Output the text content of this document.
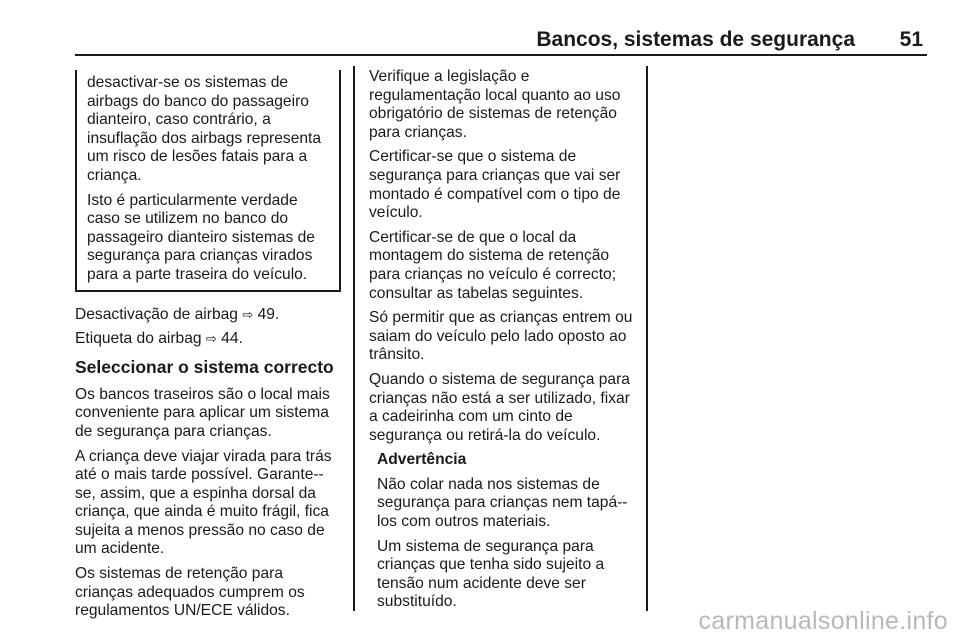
Bancos, sistemas de segurança 51

desactivar-se os sistemas de airbags do banco do passageiro dianteiro, caso contrário, a insuflação dos airbags representa um risco de lesões fatais para a criança.

Isto é particularmente verdade caso se utilizem no banco do passageiro dianteiro sistemas de segurança para crianças virados para a parte traseira do veículo.

Desactivação de airbag ⇨ 49.

Etiqueta do airbag ⇨ 44.

Seleccionar o sistema correcto

Os bancos traseiros são o local mais conveniente para aplicar um sistema de segurança para crianças.

A criança deve viajar virada para trás até o mais tarde possível. Garante--se, assim, que a espinha dorsal da criança, que ainda é muito frágil, fica sujeita a menos pressão no caso de um acidente.

Os sistemas de retenção para crianças adequados cumprem os regulamentos UN/ECE válidos.

Verifique a legislação e regulamentação local quanto ao uso obrigatório de sistemas de retenção para crianças.

Certificar-se que o sistema de segurança para crianças que vai ser montado é compatível com o tipo de veículo.

Certificar-se de que o local da montagem do sistema de retenção para crianças no veículo é correcto; consultar as tabelas seguintes.

Só permitir que as crianças entrem ou saiam do veículo pelo lado oposto ao trânsito.

Quando o sistema de segurança para crianças não está a ser utilizado, fixar a cadeirinha com um cinto de segurança ou retirá-la do veículo.

Advertência

Não colar nada nos sistemas de segurança para crianças nem tapá--los com outros materiais.

Um sistema de segurança para crianças que tenha sido sujeito a tensão num acidente deve ser substituído.

carmanualsonline.info
